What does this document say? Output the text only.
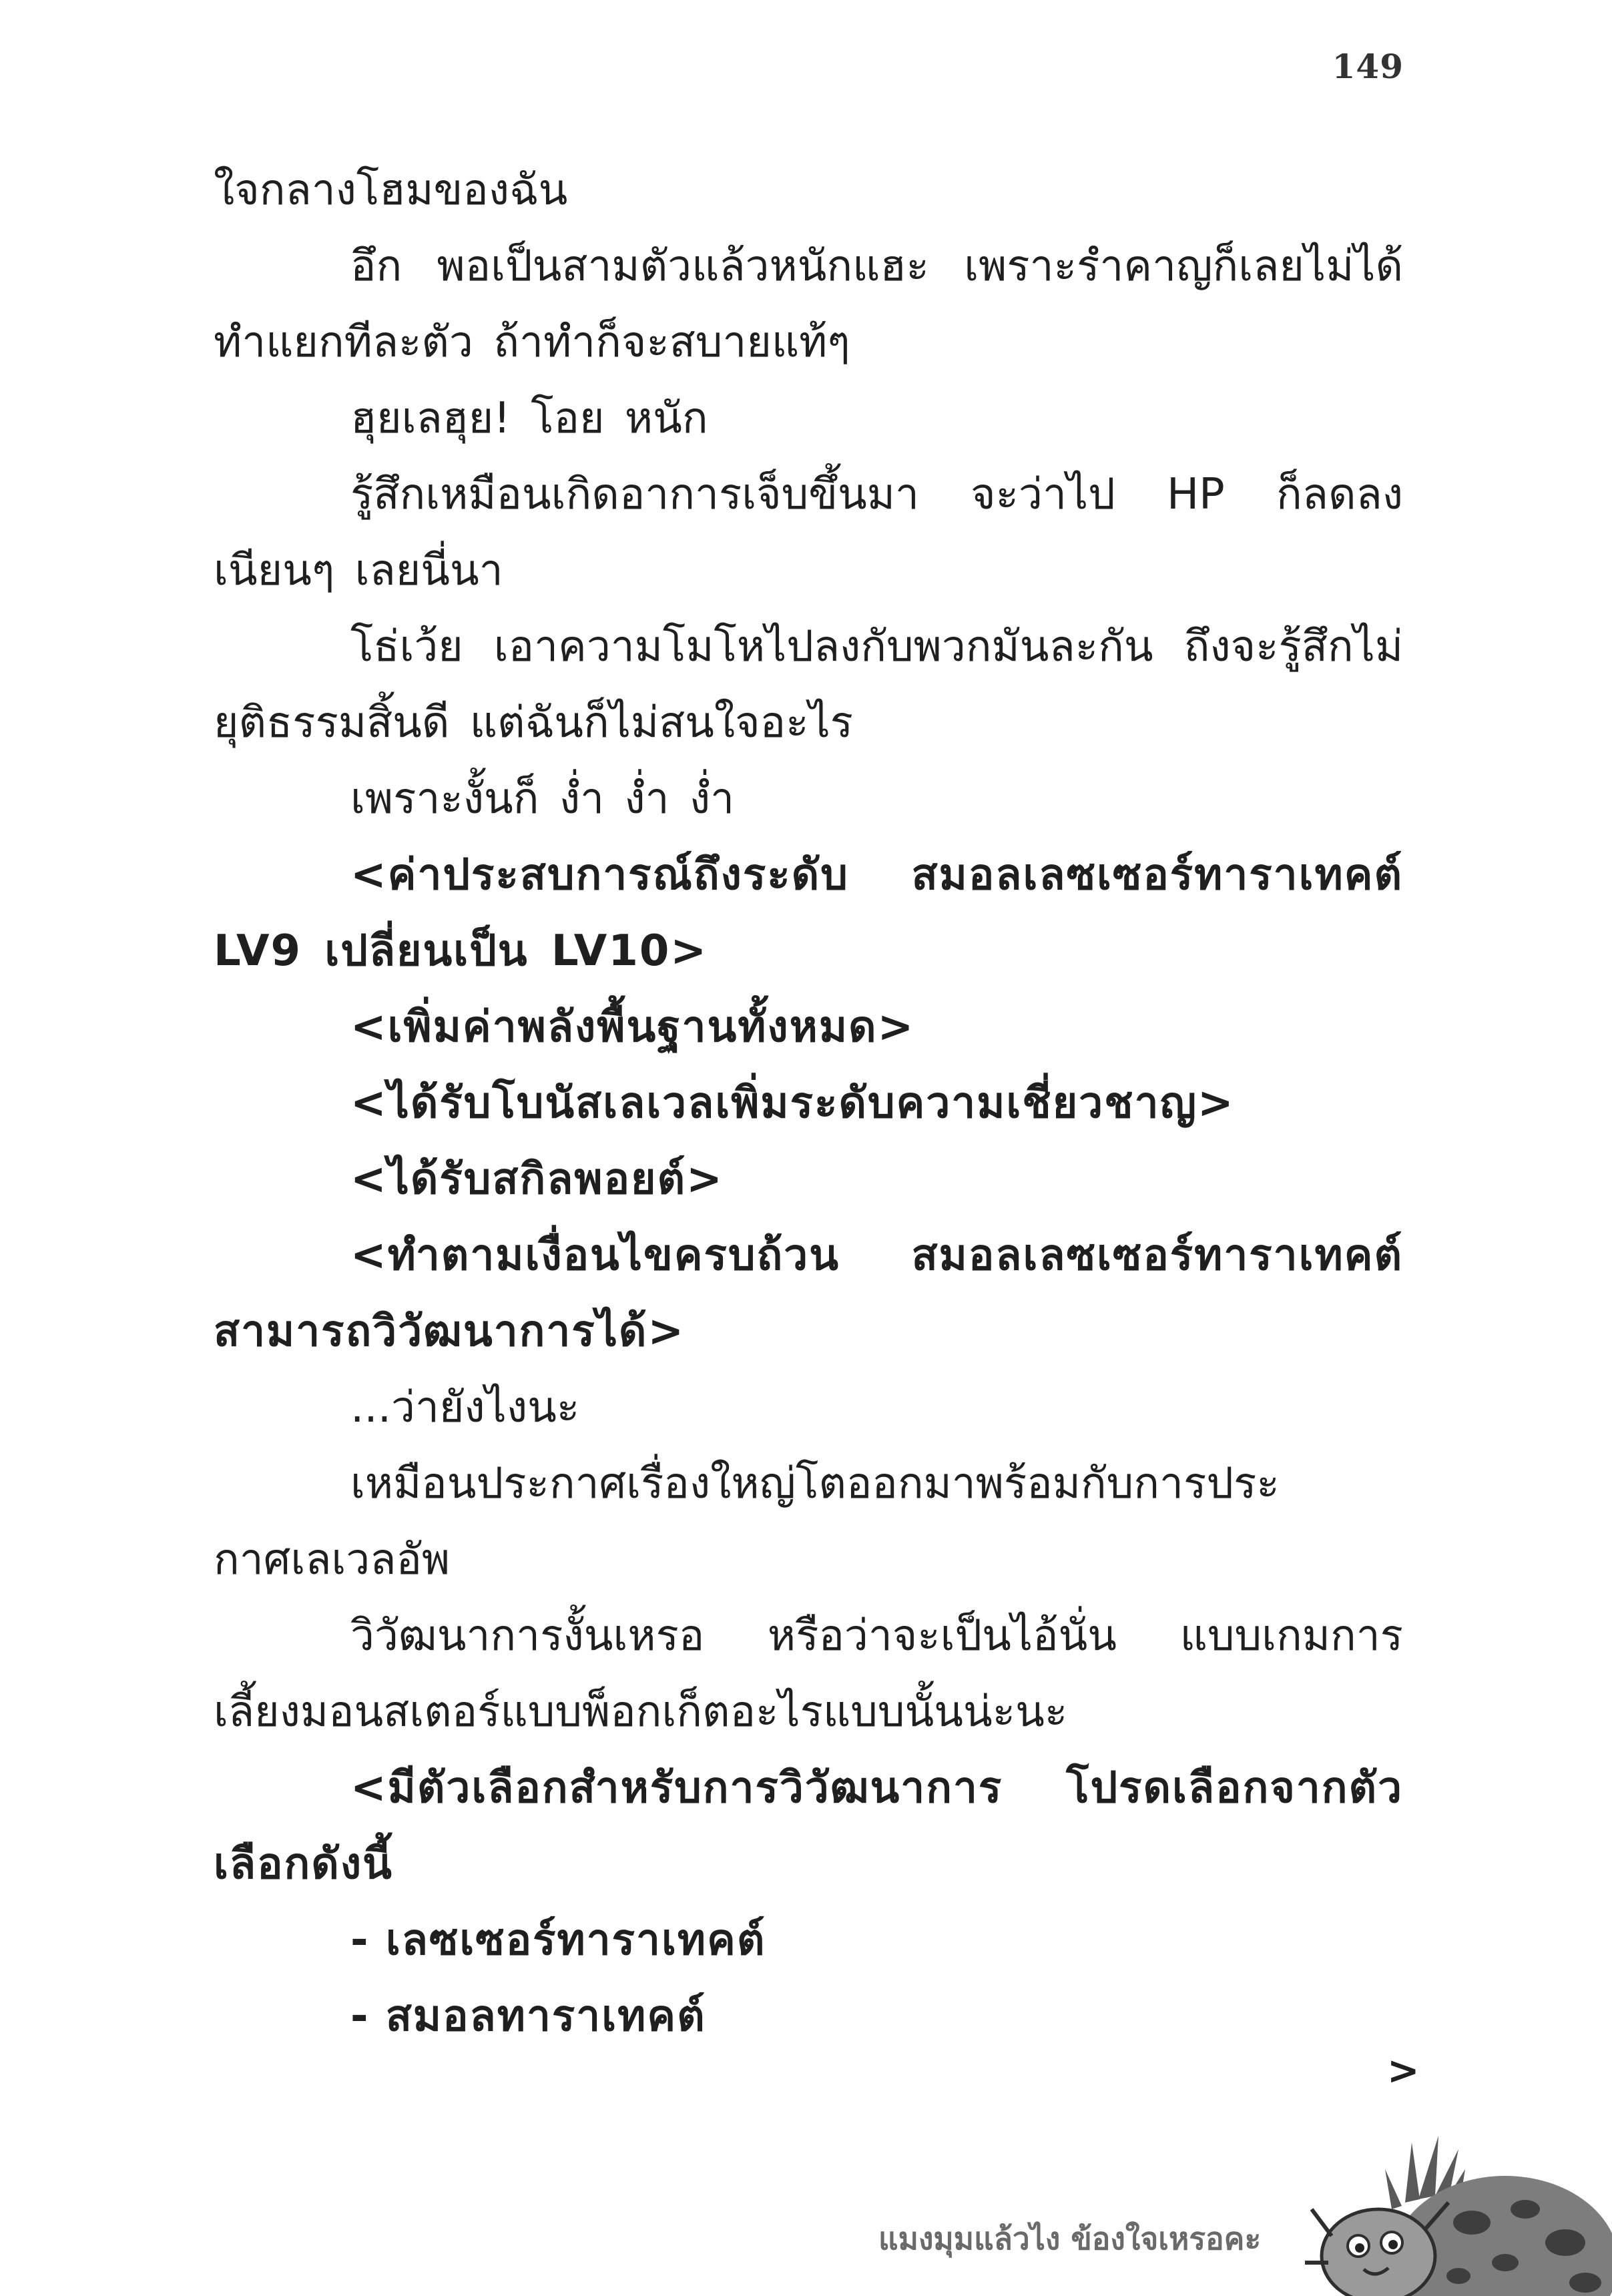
149

ใจกลางโฮมของฉัน

อึก พอเป็นสามตัวแล้วหนักแฮะ เพราะรำคาญก็เลยไม่ได้ทำแยกทีละตัว ถ้าทำก็จะสบายแท้ๆ

ฮุยเลฮุย! โอย หนัก

รู้สึกเหมือนเกิดอาการเจ็บขึ้นมา จะว่าไป HP ก็ลดลงเนียนๆ เลยนี่นา

โธ่เว้ย เอาความโมโหไปลงกับพวกมันละกัน ถึงจะรู้สึกไม่ยุติธรรมสิ้นดี แต่ฉันก็ไม่สนใจอะไร

เพราะงั้นก็ ง่ำ ง่ำ ง่ำ

<ค่าประสบการณ์ถึงระดับ สมอลเลซเซอร์ทาราเทคต์ LV9 เปลี่ยนเป็น LV10>

<เพิ่มค่าพลังพื้นฐานทั้งหมด>

<ได้รับโบนัสเลเวลเพิ่มระดับความเชี่ยวชาญ>

<ได้รับสกิลพอยต์>

<ทำตามเงื่อนไขครบถ้วน สมอลเลซเซอร์ทาราเทคต์สามารถวิวัฒนาการได้>

...ว่ายังไงนะ

เหมือนประกาศเรื่องใหญ่โตออกมาพร้อมกับการประกาศเลเวลอัพ

วิวัฒนาการงั้นเหรอ หรือว่าจะเป็นไอ้นั่น แบบเกมการเลี้ยงมอนสเตอร์แบบพ็อกเก็ตอะไรแบบนั้นน่ะนะ

<มีตัวเลือกสำหรับการวิวัฒนาการ โปรดเลือกจากตัวเลือกดังนี้

- เลซเซอร์ทาราเทคต์

- สมอลทาราเทคต์

>
แมงมุมแล้วไง ข้องใจเหรอคะ
